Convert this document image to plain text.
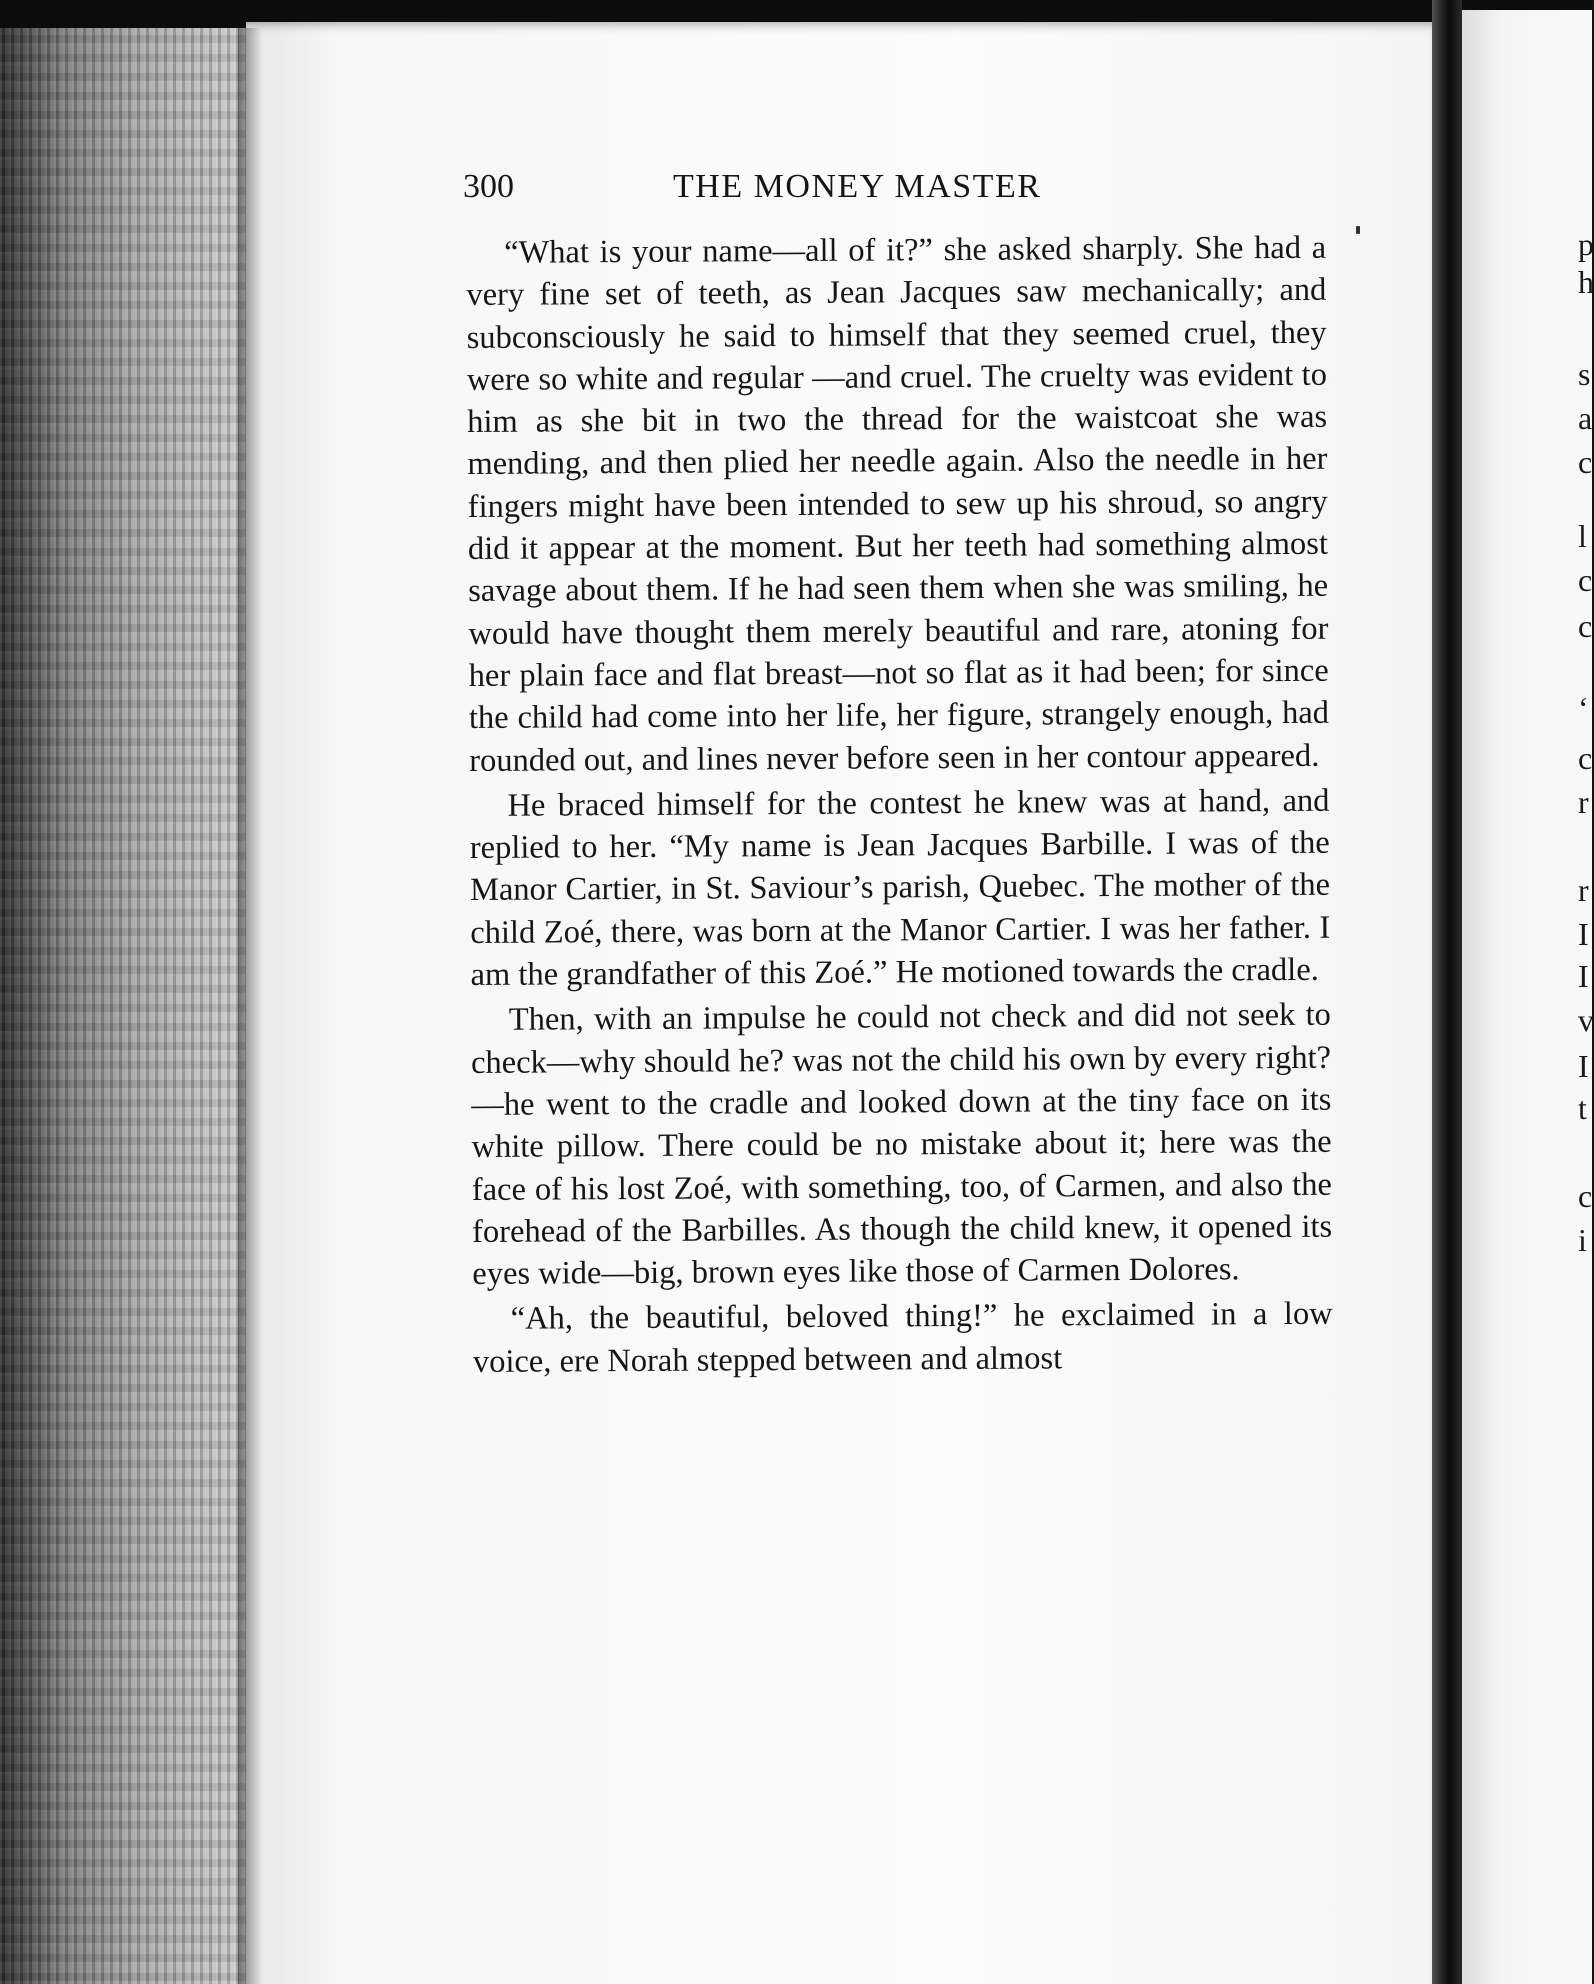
300	THE MONEY MASTER

“What is your name—all of it?” she asked sharply. She had a very fine set of teeth, as Jean Jacques saw mechanically; and subconsciously he said to himself that they seemed cruel, they were so white and regular —and cruel. The cruelty was evident to him as she bit in two the thread for the waistcoat she was mending, and then plied her needle again. Also the needle in her fingers might have been intended to sew up his shroud, so angry did it appear at the moment. But her teeth had something almost savage about them. If he had seen them when she was smiling, he would have thought them merely beautiful and rare, atoning for her plain face and flat breast—not so flat as it had been; for since the child had come into her life, her figure, strangely enough, had rounded out, and lines never before seen in her contour appeared.

He braced himself for the contest he knew was at hand, and replied to her. “My name is Jean Jacques Barbille. I was of the Manor Cartier, in St. Saviour’s parish, Quebec. The mother of the child Zoé, there, was born at the Manor Cartier. I was her father. I am the grandfather of this Zoé.” He motioned towards the cradle.

Then, with an impulse he could not check and did not seek to check—why should he? was not the child his own by every right?—he went to the cradle and looked down at the tiny face on its white pillow. There could be no mistake about it; here was the face of his lost Zoé, with something, too, of Carmen, and also the forehead of the Barbilles. As though the child knew, it opened its eyes wide—big, brown eyes like those of Carmen Dolores.

“Ah, the beautiful, beloved thing!” he exclaimed in a low voice, ere Norah stepped between and almost

p
h
s
a
c
l
c
c
‘
c
r
r
I
I
v
I
t
c
i
